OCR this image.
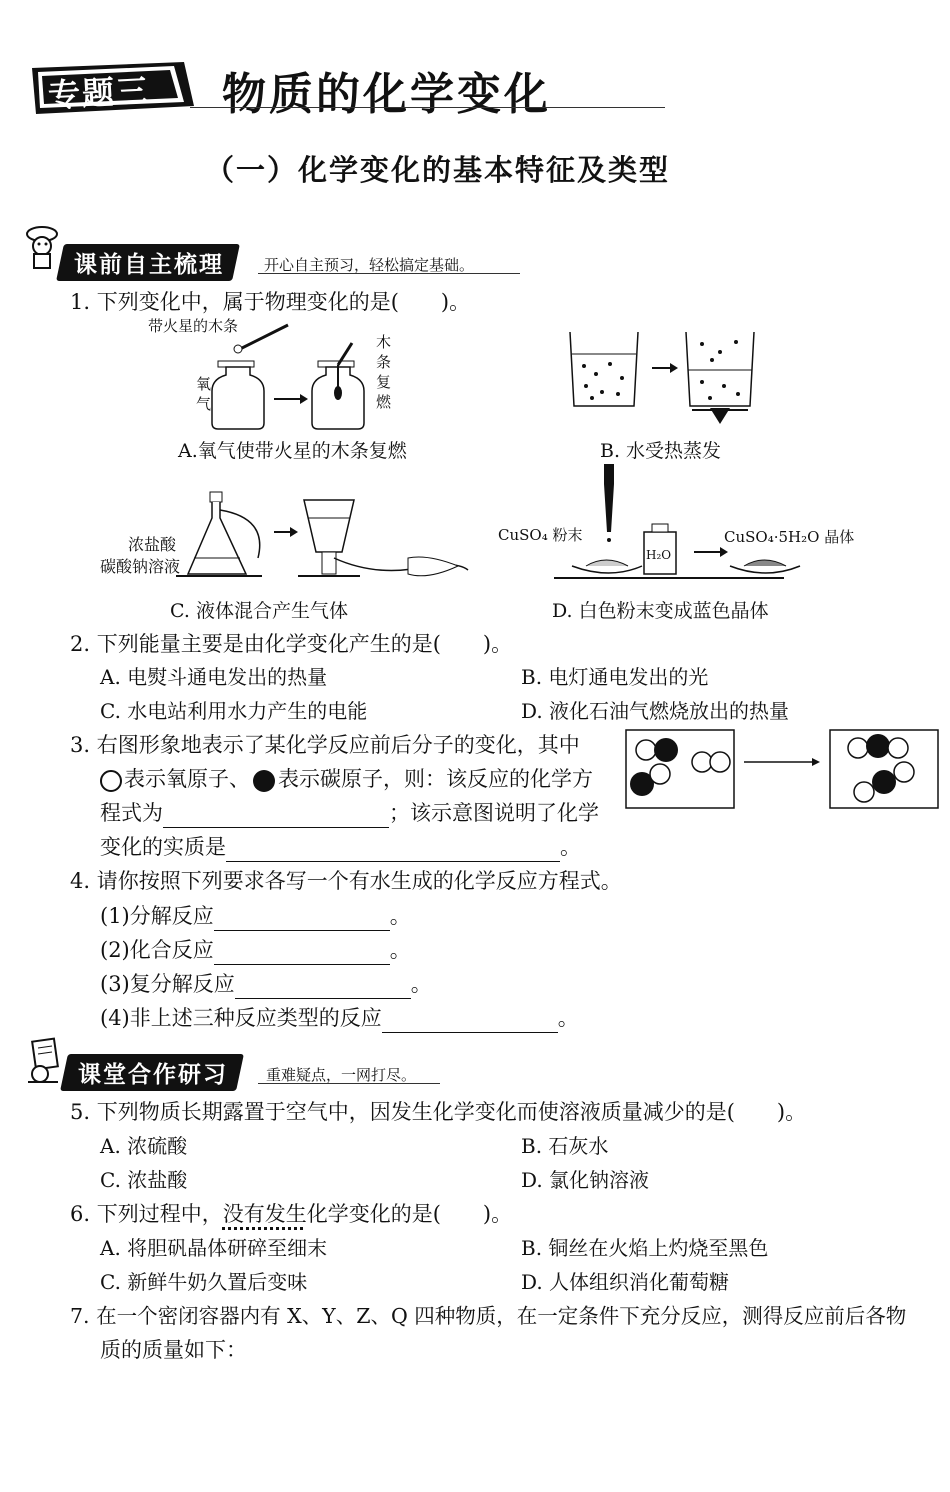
专题三 物质的化学变化
（一）化学变化的基本特征及类型
课前自主梳理	开心自主预习，轻松搞定基础。
1. 下列变化中，属于物理变化的是(　　)。
带火星的木条
氧
气
木
条
复
燃
A.氧气使带火星的木条复燃	B. 水受热蒸发
浓盐酸
碳酸钠溶液
C. 液体混合产生气体
CuSO₄ 粉末
H₂O
CuSO₄·5H₂O 晶体
D. 白色粉末变成蓝色晶体
2. 下列能量主要是由化学变化产生的是(　　)。
A. 电熨斗通电发出的热量	B. 电灯通电发出的光
C. 水电站利用水力产生的电能	D. 液化石油气燃烧放出的热量
3. 右图形象地表示了某化学反应前后分子的变化，其中
表示氧原子、 表示碳原子，则：该反应的化学方
程式为	；该示意图说明了化学
变化的实质是	。
4. 请你按照下列要求各写一个有水生成的化学反应方程式。
(1)分解反应	。
(2)化合反应	。
(3)复分解反应	。
(4)非上述三种反应类型的反应	。
课堂合作研习	重难疑点，一网打尽。
5. 下列物质长期露置于空气中，因发生化学变化而使溶液质量减少的是(　　)。
A. 浓硫酸	B. 石灰水
C. 浓盐酸	D. 氯化钠溶液
6. 下列过程中，没有发生化学变化的是(　　)。
A. 将胆矾晶体研碎至细末	B. 铜丝在火焰上灼烧至黑色
C. 新鲜牛奶久置后变味	D. 人体组织消化葡萄糖
7. 在一个密闭容器内有 X、Y、Z、Q 四种物质，在一定条件下充分反应，测得反应前后各物
质的质量如下：
